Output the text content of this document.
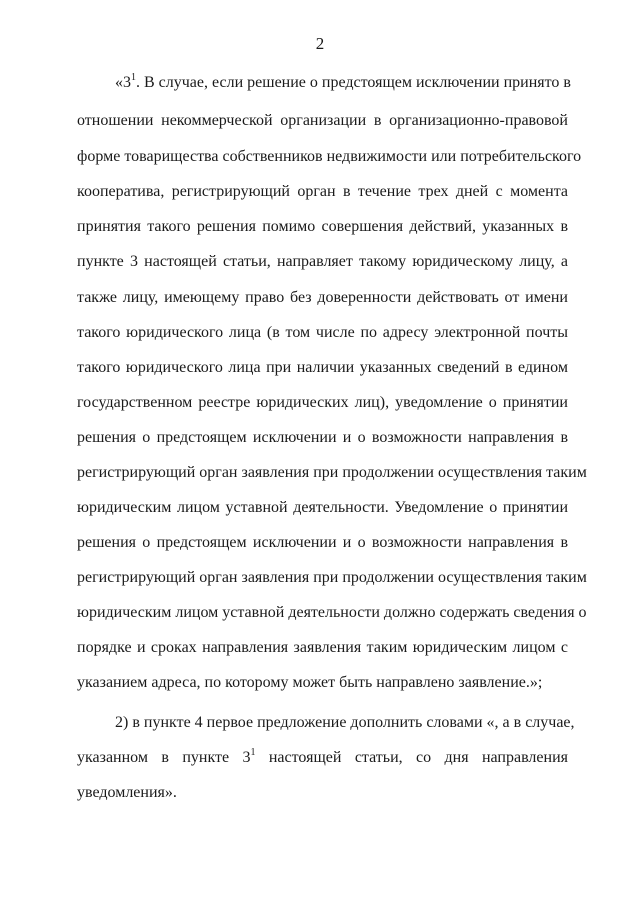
2
«$3^1$. В случае, если решение о предстоящем исключении принято в
отношении некоммерческой организации в организационно-правовой
форме товарищества собственников недвижимости или потребительского
кооператива, регистрирующий орган в течение трех дней с момента
принятия такого решения помимо совершения действий, указанных в
пункте 3 настоящей статьи, направляет такому юридическому лицу, а
также лицу, имеющему право без доверенности действовать от имени
такого юридического лица (в том числе по адресу электронной почты
такого юридического лица при наличии указанных сведений в едином
государственном реестре юридических лиц), уведомление о принятии
решения о предстоящем исключении и о возможности направления в
регистрирующий орган заявления при продолжении осуществления таким
юридическим лицом уставной деятельности. Уведомление о принятии
решения о предстоящем исключении и о возможности направления в
регистрирующий орган заявления при продолжении осуществления таким
юридическим лицом уставной деятельности должно содержать сведения о
порядке и сроках направления заявления таким юридическим лицом с
указанием адреса, по которому может быть направлено заявление.»;
2) в пункте 4 первое предложение дополнить словами «, а в случае,
указанном в пункте $3^1$ настоящей статьи, со дня направления
уведомления».
